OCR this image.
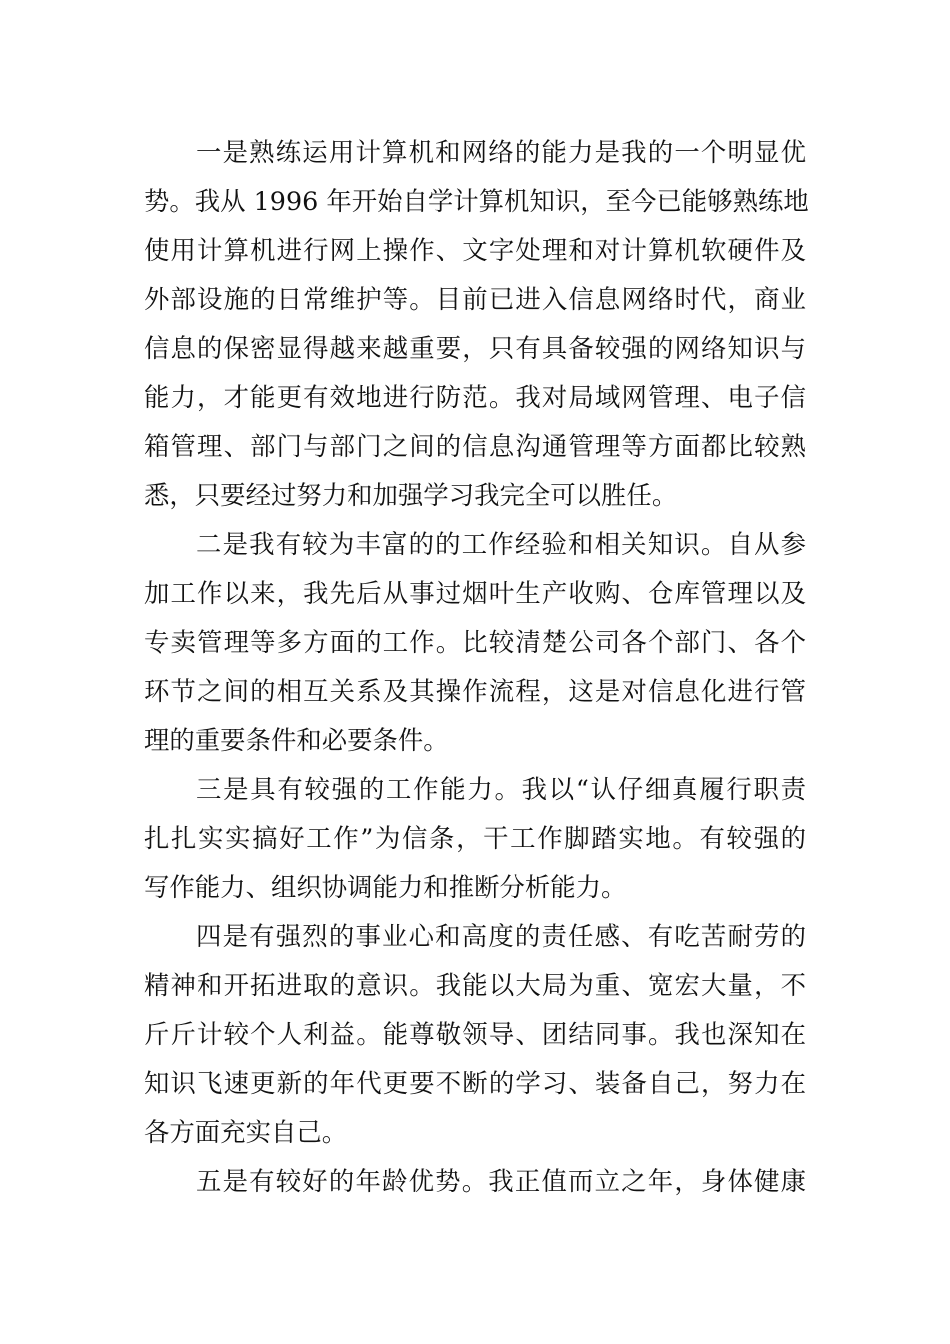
一是熟练运用计算机和网络的能力是我的一个明显优
势。我从 1996 年开始自学计算机知识，至今已能够熟练地
使用计算机进行网上操作、文字处理和对计算机软硬件及
外部设施的日常维护等。目前已进入信息网络时代，商业
信息的保密显得越来越重要，只有具备较强的网络知识与
能力，才能更有效地进行防范。我对局域网管理、电子信
箱管理、部门与部门之间的信息沟通管理等方面都比较熟
悉，只要经过努力和加强学习我完全可以胜任。
二是我有较为丰富的的工作经验和相关知识。自从参
加工作以来，我先后从事过烟叶生产收购、仓库管理以及
专卖管理等多方面的工作。比较清楚公司各个部门、各个
环节之间的相互关系及其操作流程，这是对信息化进行管
理的重要条件和必要条件。
三是具有较强的工作能力。我以“认仔细真履行职责
扎扎实实搞好工作”为信条，干工作脚踏实地。有较强的
写作能力、组织协调能力和推断分析能力。
四是有强烈的事业心和高度的责任感、有吃苦耐劳的
精神和开拓进取的意识。我能以大局为重、宽宏大量，不
斤斤计较个人利益。能尊敬领导、团结同事。我也深知在
知识飞速更新的年代更要不断的学习、装备自己，努力在
各方面充实自己。
五是有较好的年龄优势。我正值而立之年，身体健康
